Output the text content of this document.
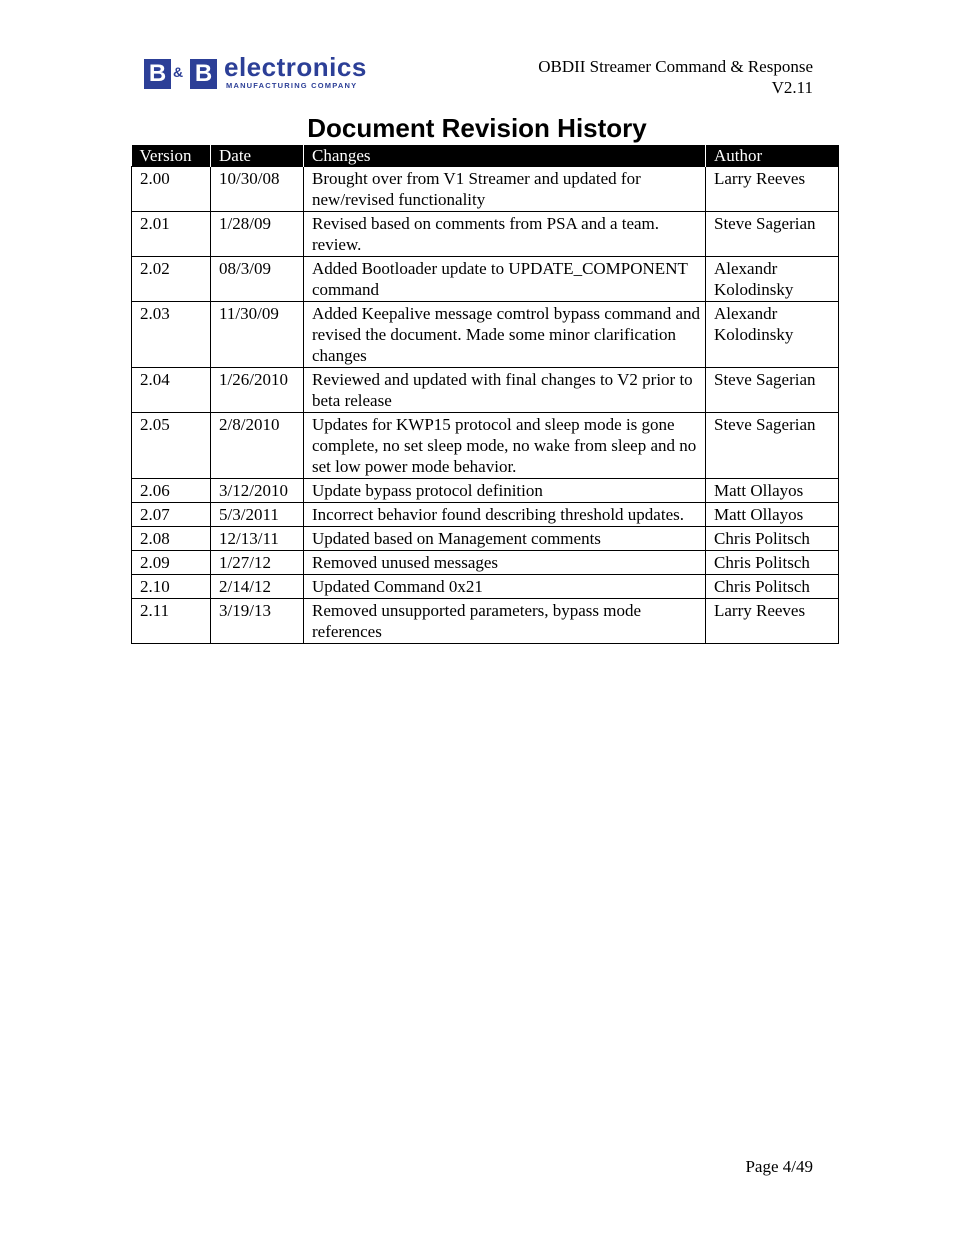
B & B electronics
MANUFACTURING COMPANY
OBDII Streamer Command & Response
V2.11
Document Revision History
Version	Date	Changes	Author
2.00	10/30/08	Brought over from V1 Streamer and updated for new/revised functionality	Larry Reeves
2.01	1/28/09	Revised based on comments from PSA and a team. review.	Steve Sagerian
2.02	08/3/09	Added Bootloader update to UPDATE_COMPONENT command	Alexandr Kolodinsky
2.03	11/30/09	Added Keepalive message comtrol bypass command and revised the document. Made some minor clarification changes	Alexandr Kolodinsky
2.04	1/26/2010	Reviewed and updated with final changes to V2 prior to beta release	Steve Sagerian
2.05	2/8/2010	Updates for KWP15 protocol and sleep mode is gone complete, no set sleep mode, no wake from sleep and no set low power mode behavior.	Steve Sagerian
2.06	3/12/2010	Update bypass protocol definition	Matt Ollayos
2.07	5/3/2011	Incorrect behavior found describing threshold updates.	Matt Ollayos
2.08	12/13/11	Updated based on Management comments	Chris Politsch
2.09	1/27/12	Removed unused messages	Chris Politsch
2.10	2/14/12	Updated Command 0x21	Chris Politsch
2.11	3/19/13	Removed unsupported parameters, bypass mode references	Larry Reeves
Page 4/49
